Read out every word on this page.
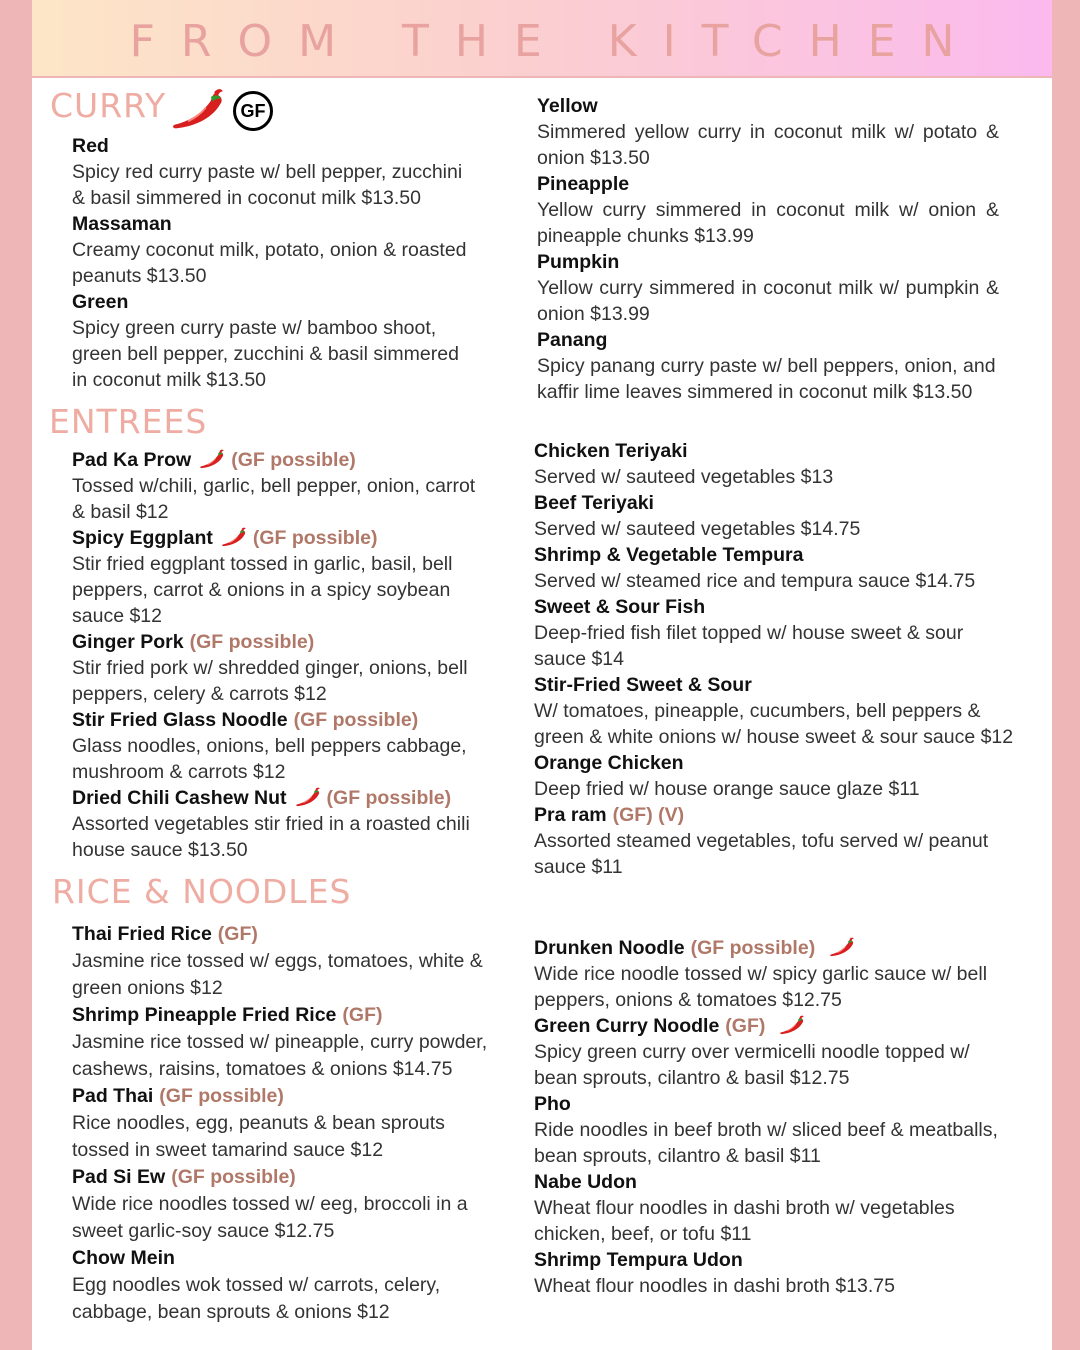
FROM THE KITCHEN
CURRY	GF
Red
Spicy red curry paste w/ bell pepper, zucchini & basil simmered in coconut milk $13.50
Massaman
Creamy coconut milk, potato, onion & roasted peanuts $13.50
Green
Spicy green curry paste w/ bamboo shoot, green bell pepper, zucchini & basil simmered in coconut milk $13.50
Yellow
Simmered yellow curry in coconut milk w/ potato & onion $13.50
Pineapple
Yellow curry simmered in coconut milk w/ onion & pineapple chunks $13.99
Pumpkin
Yellow curry simmered in coconut milk w/ pumpkin & onion $13.99
Panang
Spicy panang curry paste w/ bell peppers, onion, and kaffir lime leaves simmered in coconut milk $13.50
ENTREES
Pad Ka Prow (GF possible)
Tossed w/chili, garlic, bell pepper, onion, carrot & basil $12
Spicy Eggplant (GF possible)
Stir fried eggplant tossed in garlic, basil, bell peppers, carrot & onions in a spicy soybean sauce $12
Ginger Pork (GF possible)
Stir fried pork w/ shredded ginger, onions, bell peppers, celery & carrots $12
Stir Fried Glass Noodle (GF possible)
Glass noodles, onions, bell peppers cabbage, mushroom & carrots $12
Dried Chili Cashew Nut (GF possible)
Assorted vegetables stir fried in a roasted chili house sauce $13.50
Chicken Teriyaki
Served w/ sauteed vegetables $13
Beef Teriyaki
Served w/ sauteed vegetables $14.75
Shrimp & Vegetable Tempura
Served w/ steamed rice and tempura sauce $14.75
Sweet & Sour Fish
Deep-fried fish filet topped w/ house sweet & sour sauce $14
Stir-Fried Sweet & Sour
W/ tomatoes, pineapple, cucumbers, bell peppers & green & white onions w/ house sweet & sour sauce $12
Orange Chicken
Deep fried w/ house orange sauce glaze $11
Pra ram (GF) (V)
Assorted steamed vegetables, tofu served w/ peanut sauce $11
RICE & NOODLES
Thai Fried Rice (GF)
Jasmine rice tossed w/ eggs, tomatoes, white & green onions $12
Shrimp Pineapple Fried Rice (GF)
Jasmine rice tossed w/ pineapple, curry powder, cashews, raisins, tomatoes & onions $14.75
Pad Thai (GF possible)
Rice noodles, egg, peanuts & bean sprouts tossed in sweet tamarind sauce $12
Pad Si Ew (GF possible)
Wide rice noodles tossed w/ eeg, broccoli in a sweet garlic-soy sauce $12.75
Chow Mein
Egg noodles wok tossed w/ carrots, celery, cabbage, bean sprouts & onions $12
Drunken Noodle (GF possible)
Wide rice noodle tossed w/ spicy garlic sauce w/ bell peppers, onions & tomatoes $12.75
Green Curry Noodle (GF)
Spicy green curry over vermicelli noodle topped w/ bean sprouts, cilantro & basil $12.75
Pho
Ride noodles in beef broth w/ sliced beef & meatballs, bean sprouts, cilantro & basil $11
Nabe Udon
Wheat flour noodles in dashi broth w/ vegetables chicken, beef, or tofu $11
Shrimp Tempura Udon
Wheat flour noodles in dashi broth $13.75
